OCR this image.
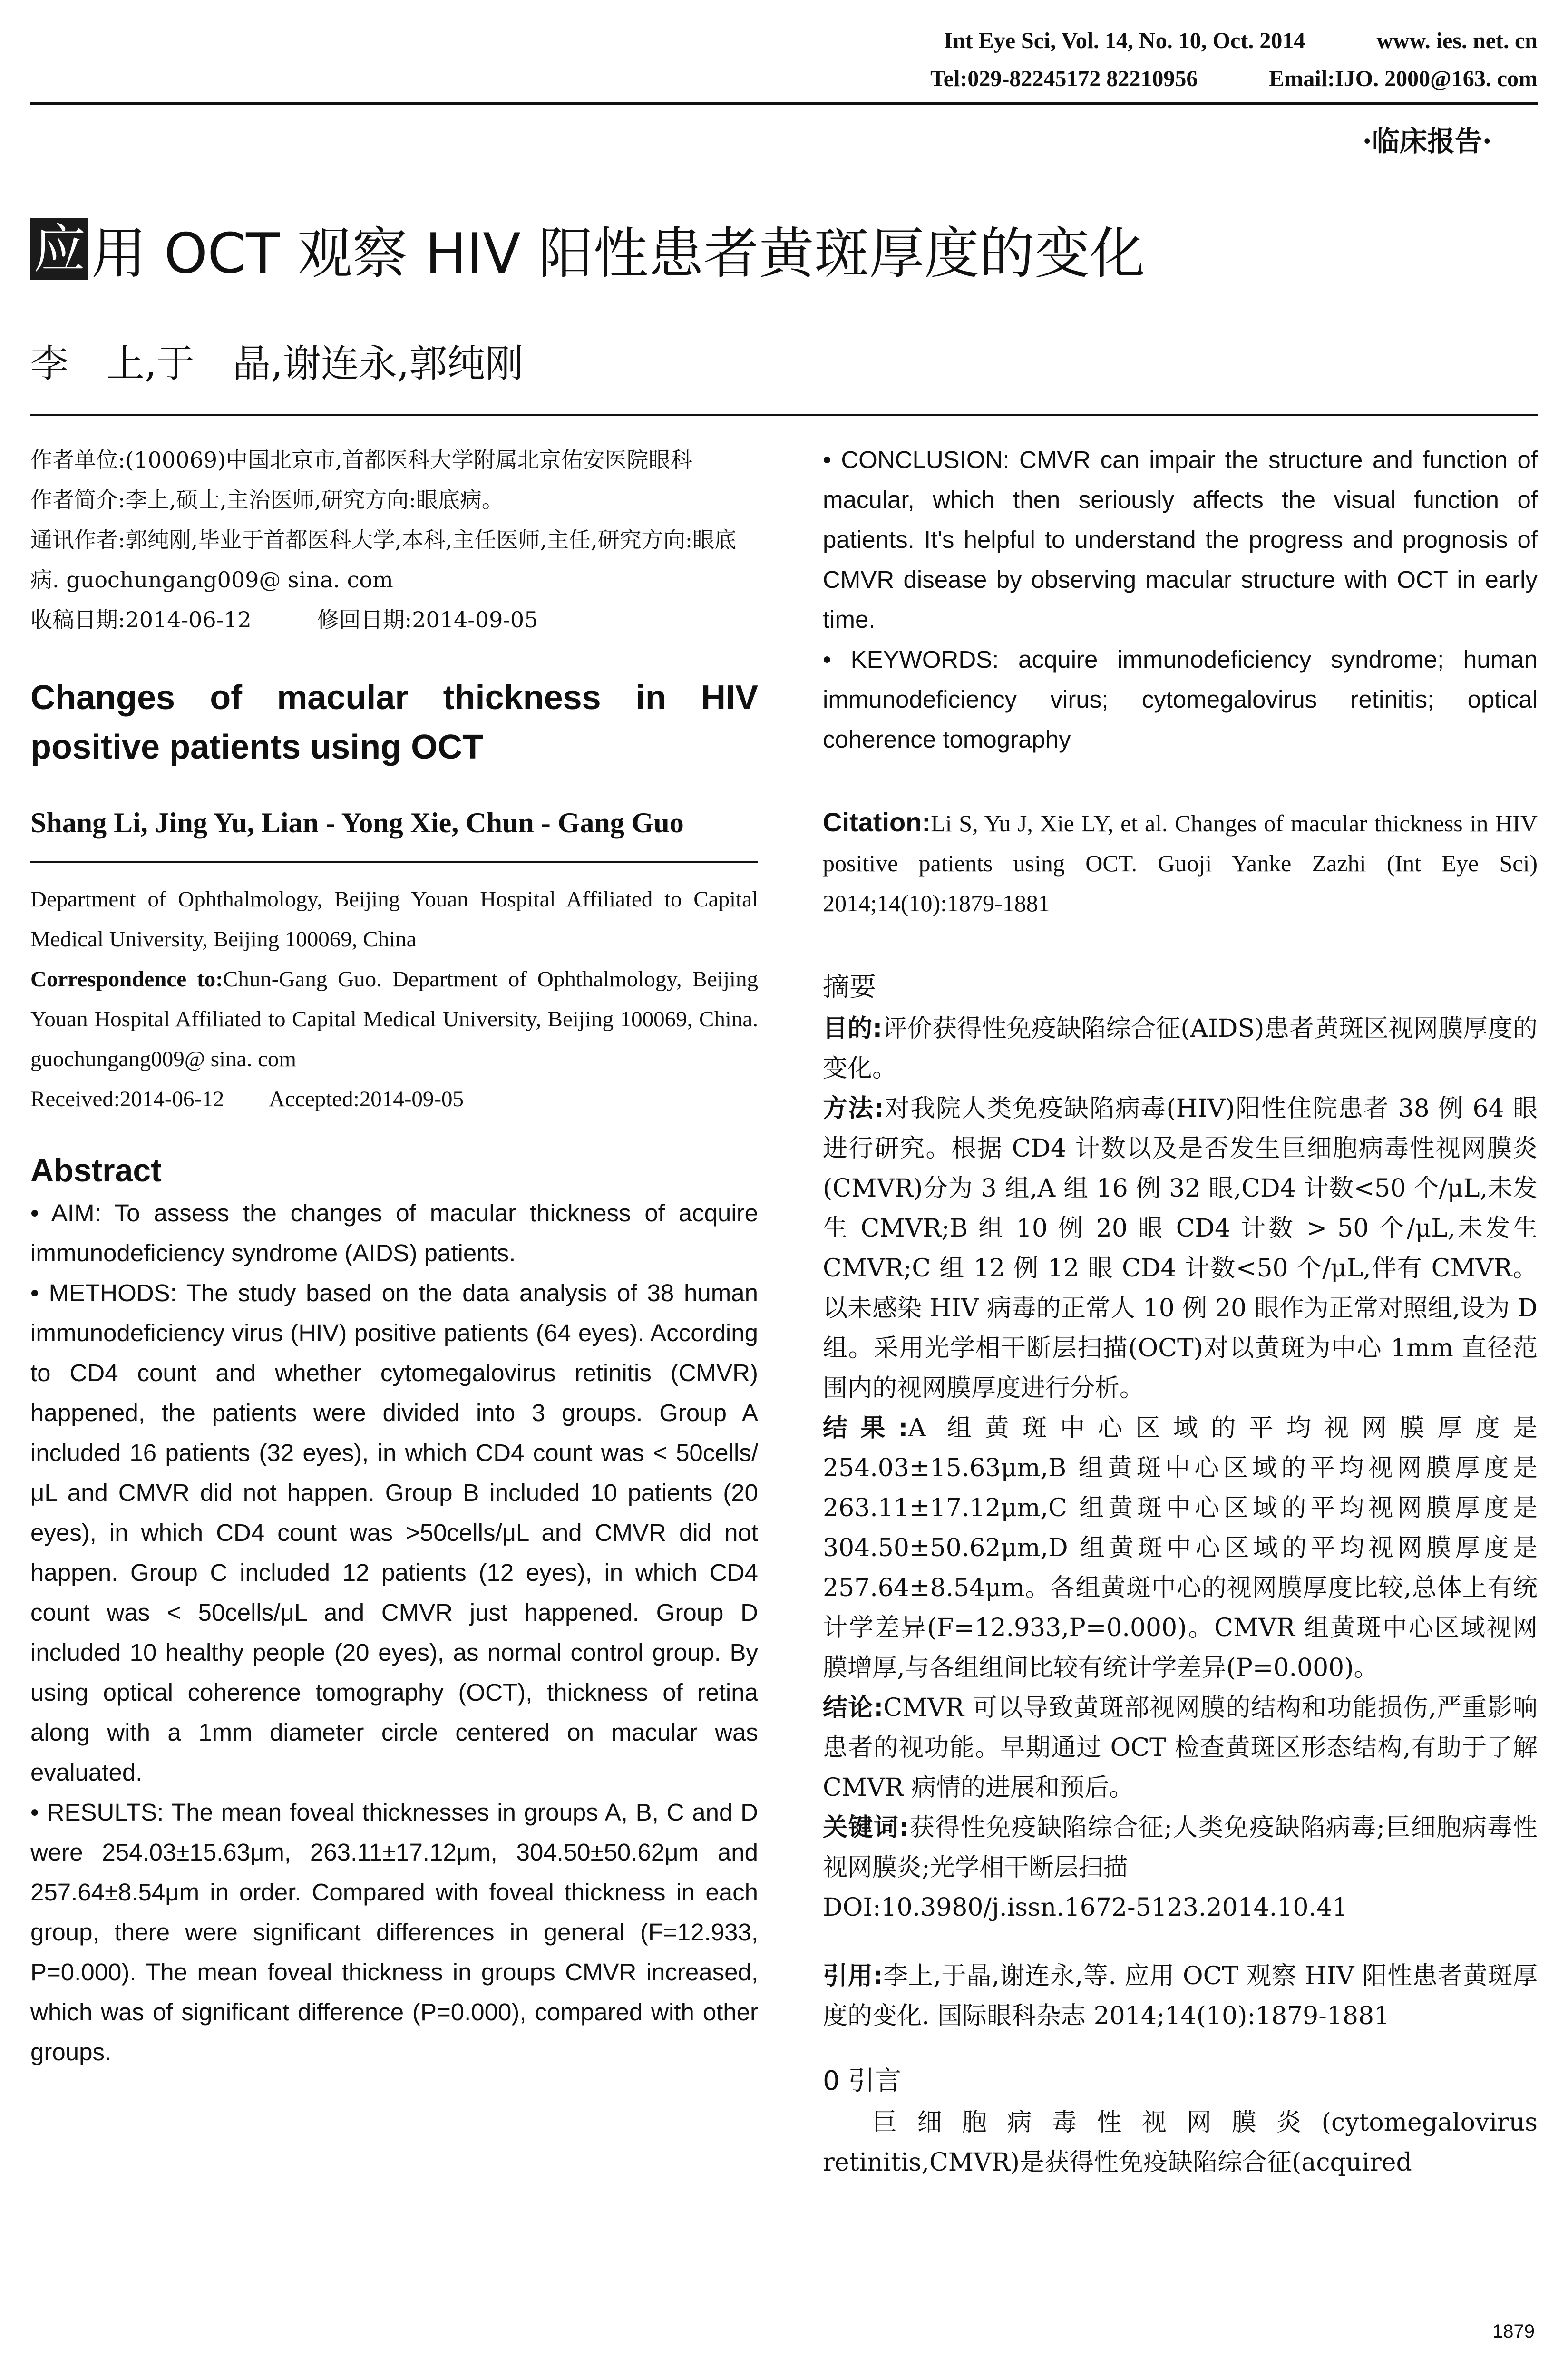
Int Eye Sci, Vol. 14, No. 10, Oct. 2014	www. ies. net. cn
Tel:029-82245172 82210956	Email:IJO. 2000@163. com
·临床报告·
应 用 OCT 观察 HIV 阳性患者黄斑厚度的变化
李　上,于　晶,谢连永,郭纯刚

作者单位:(100069)中国北京市,首都医科大学附属北京佑安医院眼科

作者简介:李上,硕士,主治医师,研究方向:眼底病。

通讯作者:郭纯刚,毕业于首都医科大学,本科,主任医师,主任,研究方向:眼底病. guochungang009@ sina. com

收稿日期:2014-06-12　　　修回日期:2014-09-05

Changes of macular thickness in HIV

positive patients using OCT

Shang Li, Jing Yu, Lian - Yong Xie, Chun - Gang Guo

Department of Ophthalmology, Beijing Youan Hospital Affiliated to Capital Medical University, Beijing 100069, China

Correspondence to:Chun-Gang Guo. Department of Ophthalmology, Beijing Youan Hospital Affiliated to Capital Medical University, Beijing 100069, China. guochungang009@ sina. com

Received:2014-06-12　　Accepted:2014-09-05

Abstract

• AIM: To assess the changes of macular thickness of acquire immunodeficiency syndrome (AIDS) patients.

• METHODS: The study based on the data analysis of 38 human immunodeficiency virus (HIV) positive patients (64 eyes). According to CD4 count and whether cytomegalovirus retinitis (CMVR) happened, the patients were divided into 3 groups. Group A included 16 patients (32 eyes), in which CD4 count was < 50cells/μL and CMVR did not happen. Group B included 10 patients (20 eyes), in which CD4 count was >50cells/μL and CMVR did not happen. Group C included 12 patients (12 eyes), in which CD4 count was < 50cells/μL and CMVR just happened. Group D included 10 healthy people (20 eyes), as normal control group. By using optical coherence tomography (OCT), thickness of retina along with a 1mm diameter circle centered on macular was evaluated.

• RESULTS: The mean foveal thicknesses in groups A, B, C and D were 254.03±15.63μm, 263.11±17.12μm, 304.50±50.62μm and 257.64±8.54μm in order. Compared with foveal thickness in each group, there were significant differences in general (F=12.933, P=0.000). The mean foveal thickness in groups CMVR increased, which was of significant difference (P=0.000), compared with other groups.

• CONCLUSION: CMVR can impair the structure and function of macular, which then seriously affects the visual function of patients. It's helpful to understand the progress and prognosis of CMVR disease by observing macular structure with OCT in early time.

• KEYWORDS: acquire immunodeficiency syndrome; human immunodeficiency virus; cytomegalovirus retinitis; optical coherence tomography

Citation:Li S, Yu J, Xie LY, et al. Changes of macular thickness in HIV positive patients using OCT. Guoji Yanke Zazhi (Int Eye Sci) 2014;14(10):1879-1881

摘要

目的:评价获得性免疫缺陷综合征(AIDS)患者黄斑区视网膜厚度的变化。

方法:对我院人类免疫缺陷病毒(HIV)阳性住院患者 38 例 64 眼进行研究。根据 CD4 计数以及是否发生巨细胞病毒性视网膜炎(CMVR)分为 3 组,A 组 16 例 32 眼,CD4 计数<50 个/μL,未发生 CMVR;B 组 10 例 20 眼 CD4 计数 > 50 个/μL,未发生 CMVR;C 组 12 例 12 眼 CD4 计数<50 个/μL,伴有 CMVR。以未感染 HIV 病毒的正常人 10 例 20 眼作为正常对照组,设为 D 组。采用光学相干断层扫描(OCT)对以黄斑为中心 1mm 直径范围内的视网膜厚度进行分析。

结果:A 组黄斑中心区域的平均视网膜厚度是 254.03±15.63μm,B 组黄斑中心区域的平均视网膜厚度是 263.11±17.12μm,C 组黄斑中心区域的平均视网膜厚度是 304.50±50.62μm,D 组黄斑中心区域的平均视网膜厚度是 257.64±8.54μm。各组黄斑中心的视网膜厚度比较,总体上有统计学差异(F=12.933,P=0.000)。CMVR 组黄斑中心区域视网膜增厚,与各组组间比较有统计学差异(P=0.000)。

结论:CMVR 可以导致黄斑部视网膜的结构和功能损伤,严重影响患者的视功能。早期通过 OCT 检查黄斑区形态结构,有助于了解 CMVR 病情的进展和预后。

关键词:获得性免疫缺陷综合征;人类免疫缺陷病毒;巨细胞病毒性视网膜炎;光学相干断层扫描

DOI:10.3980/j.issn.1672-5123.2014.10.41

引用:李上,于晶,谢连永,等. 应用 OCT 观察 HIV 阳性患者黄斑厚度的变化. 国际眼科杂志 2014;14(10):1879-1881

0 引言

巨细胞病毒性视网膜炎(cytomegalovirus retinitis,CMVR)是获得性免疫缺陷综合征(acquired

1879
